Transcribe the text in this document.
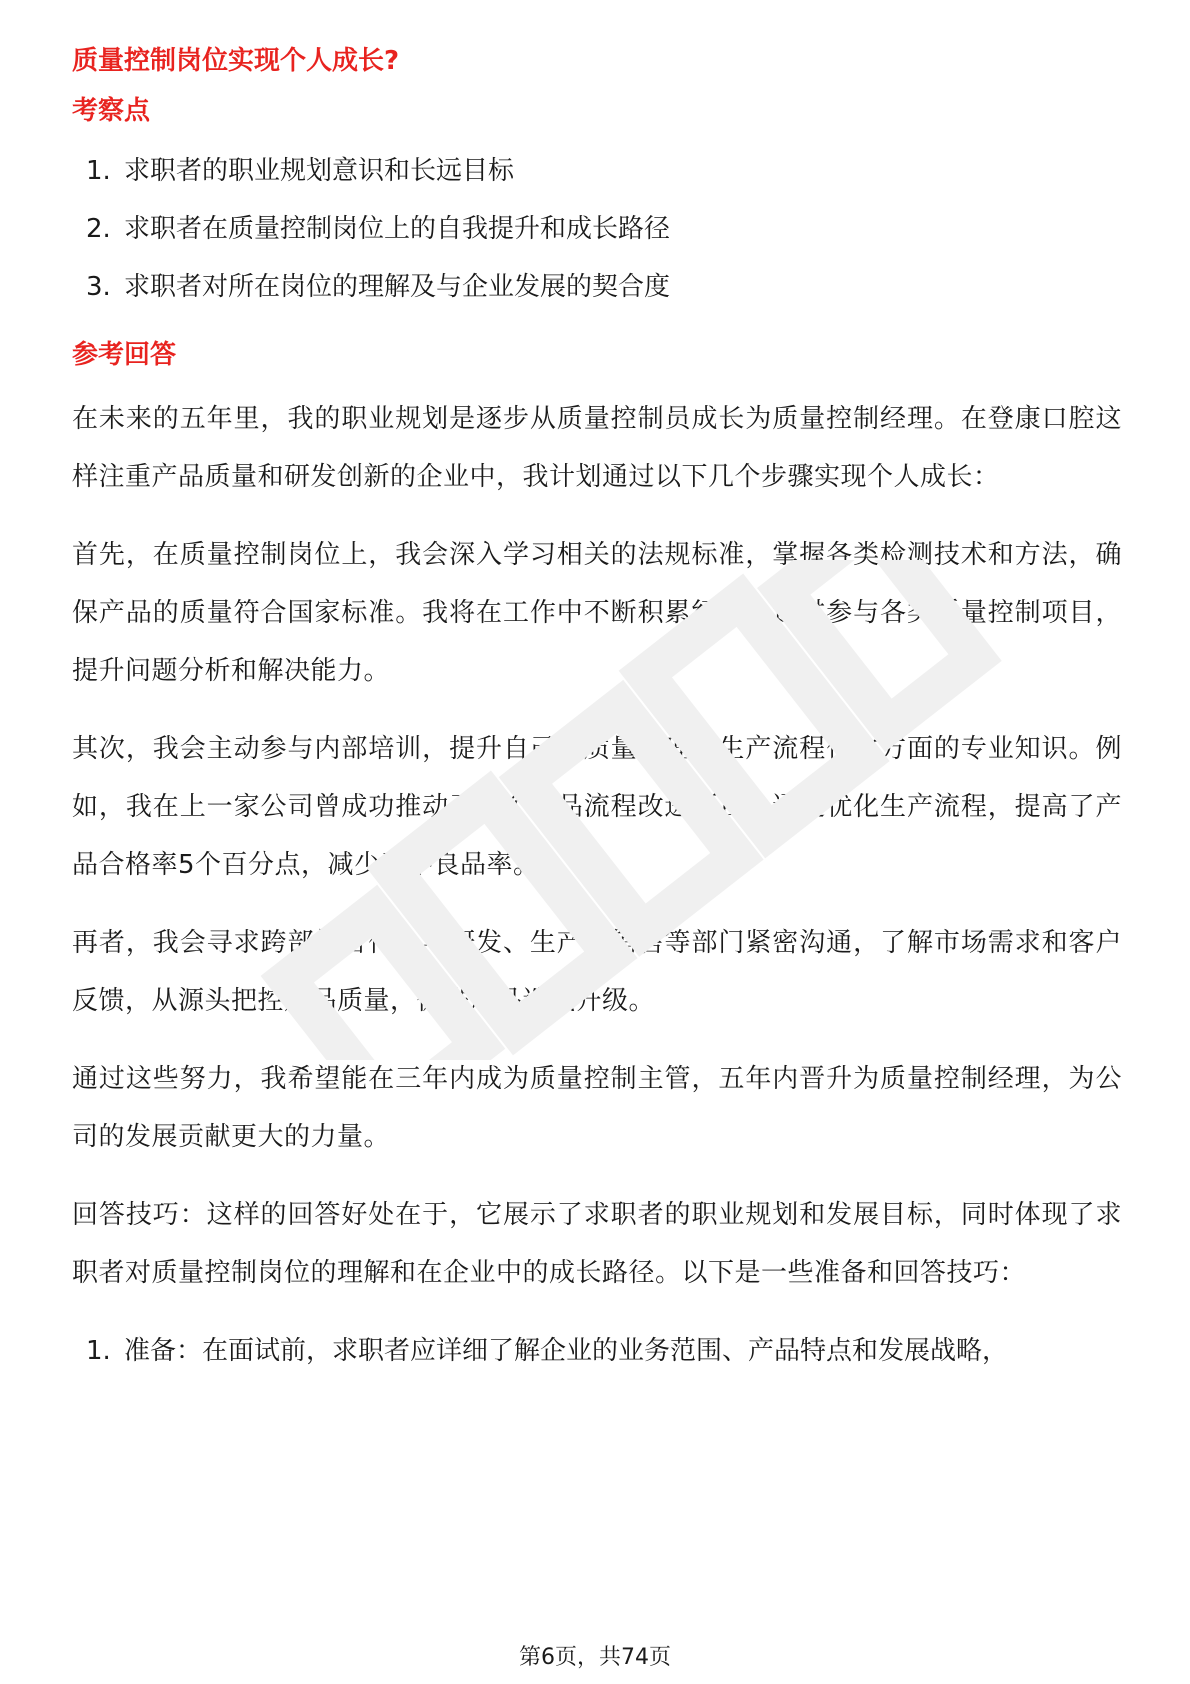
质量控制岗位实现个人成长?
考察点
1. 求职者的职业规划意识和长远目标
2. 求职者在质量控制岗位上的自我提升和成长路径
3. 求职者对所在岗位的理解及与企业发展的契合度
参考回答

在未来的五年里，我的职业规划是逐步从质量控制员成长为质量控制经理。在登康口腔这样注重产品质量和研发创新的企业中，我计划通过以下几个步骤实现个人成长：

首先，在质量控制岗位上，我会深入学习相关的法规标准，掌握各类检测技术和方法，确保产品的质量符合国家标准。我将在工作中不断积累经验，通过参与各类质量控制项目，提升问题分析和解决能力。

其次，我会主动参与内部培训，提升自己在质量管理、生产流程优化方面的专业知识。例如，我在上一家公司曾成功推动了一个产品流程改进项目，通过优化生产流程，提高了产品合格率5个百分点，减少了不良品率。

再者，我会寻求跨部门合作，与研发、生产、销售等部门紧密沟通，了解市场需求和客户反馈，从源头把控产品质量，促进产品迭代升级。

通过这些努力，我希望能在三年内成为质量控制主管，五年内晋升为质量控制经理，为公司的发展贡献更大的力量。

回答技巧：这样的回答好处在于，它展示了求职者的职业规划和发展目标，同时体现了求职者对质量控制岗位的理解和在企业中的成长路径。以下是一些准备和回答技巧：

1. 准备：在面试前，求职者应详细了解企业的业务范围、产品特点和发展战略，
第6页，共74页
